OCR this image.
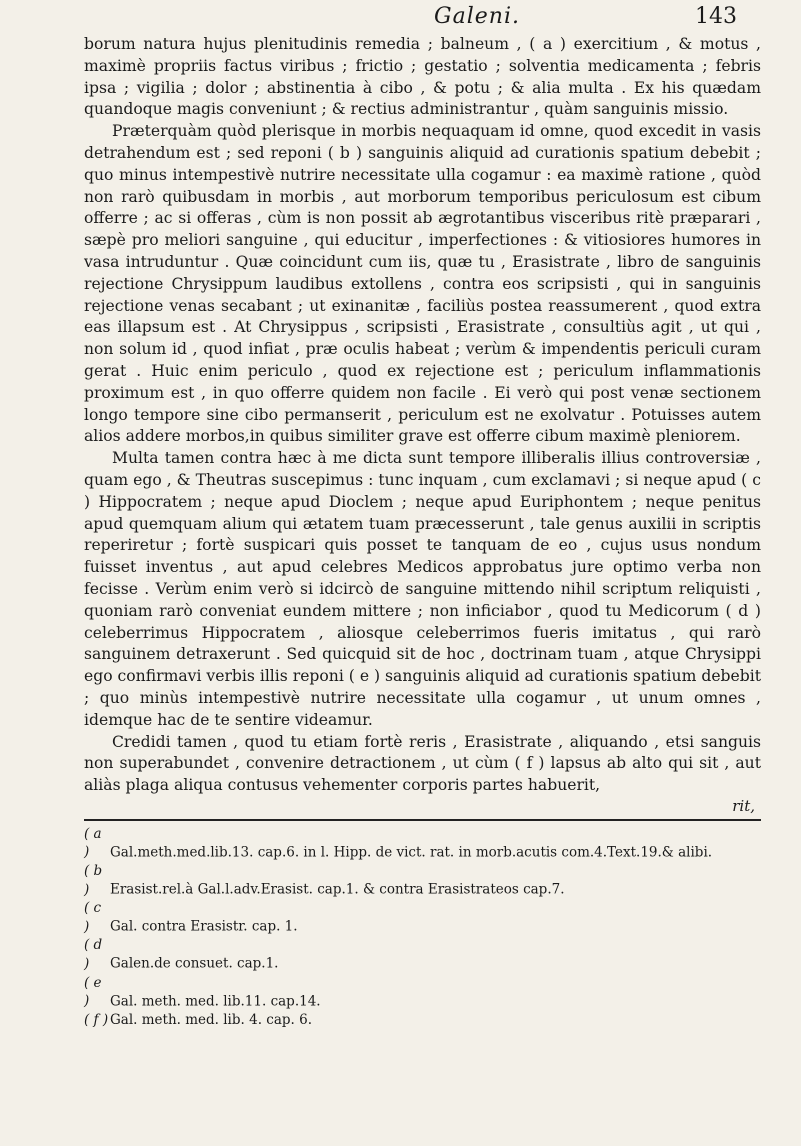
Galeni.	143

borum natura hujus plenitudinis remedia ; balneum , ( a ) exercitium , & motus , maximè propriis factus viribus ; frictio ; gestatio ; solventia medicamenta ; febris ipsa ; vigilia ; dolor ; abstinentia à cibo , & potu ; & alia multa . Ex his quædam quandoque magis conveniunt ; & rectius administrantur , quàm sanguinis missio.

Præterquàm quòd plerisque in morbis nequaquam id omne, quod excedit in vasis detrahendum est ; sed reponi ( b ) sanguinis aliquid ad curationis spatium debebit ; quo minus intempestivè nutrire necessitate ulla cogamur : ea maximè ratione , quòd non rarò quibusdam in morbis , aut morborum temporibus periculosum est cibum offerre ; ac si offeras , cùm is non possit ab ægrotantibus visceribus ritè præparari , sæpè pro meliori sanguine , qui educitur , imperfectiones : & vitiosiores humores in vasa intruduntur . Quæ coincidunt cum iis, quæ tu , Erasistrate , libro de sanguinis rejectione Chrysippum laudibus extollens , contra eos scripsisti , qui in sanguinis rejectione venas secabant ; ut exinanitæ , faciliùs postea reassumerent , quod extra eas illapsum est . At Chrysippus , scripsisti , Erasistrate , consultiùs agit , ut qui , non solum id , quod infiat , præ oculis habeat ; verùm & impendentis periculi curam gerat . Huic enim periculo , quod ex rejectione est ; periculum inflammationis proximum est , in quo offerre quidem non facile . Ei verò qui post venæ sectionem longo tempore sine cibo permanserit , periculum est ne exolvatur . Potuisses autem alios addere morbos,in quibus similiter grave est offerre cibum maximè pleniorem.

Multa tamen contra hæc à me dicta sunt tempore illiberalis illius controversiæ , quam ego , & Theutras suscepimus : tunc inquam , cum exclamavi ; si neque apud ( c ) Hippocratem ; neque apud Dioclem ; neque apud Euriphontem ; neque penitus apud quemquam alium qui ætatem tuam præcesserunt , tale genus auxilii in scriptis reperiretur ; fortè suspicari quis posset te tanquam de eo , cujus usus nondum fuisset inventus , aut apud celebres Medicos approbatus jure optimo verba non fecisse . Verùm enim verò si idcircò de sanguine mittendo nihil scriptum reliquisti , quoniam rarò conveniat eundem mittere ; non inficiabor , quod tu Medicorum ( d ) celeberrimus Hippocratem , aliosque celeberrimos fueris imitatus , qui rarò sanguinem detraxerunt . Sed quicquid sit de hoc , doctrinam tuam , atque Chrysippi ego confirmavi verbis illis reponi ( e ) sanguinis aliquid ad curationis spatium debebit ; quo minùs intempestivè nutrire necessitate ulla cogamur , ut unum omnes , idemque hac de te sentire videamur.

Credidi tamen , quod tu etiam fortè reris , Erasistrate , aliquando , etsi sanguis non superabundet , convenire detractionem , ut cùm ( f ) lapsus ab alto qui sit , aut aliàs plaga aliqua contusus vehementer corporis partes habuerit,

rit,

( a ) Gal.meth.med.lib.13. cap.6. in l. Hipp. de vict. rat. in morb.acutis com.4.Text.19.& alibi.

( b ) Erasist.rel.à Gal.l.adv.Erasist. cap.1. & contra Erasistrateos cap.7.

( c ) Gal. contra Erasistr. cap. 1.

( d ) Galen.de consuet. cap.1.

( e ) Gal. meth. med. lib.11. cap.14.

( f ) Gal. meth. med. lib. 4. cap. 6.
